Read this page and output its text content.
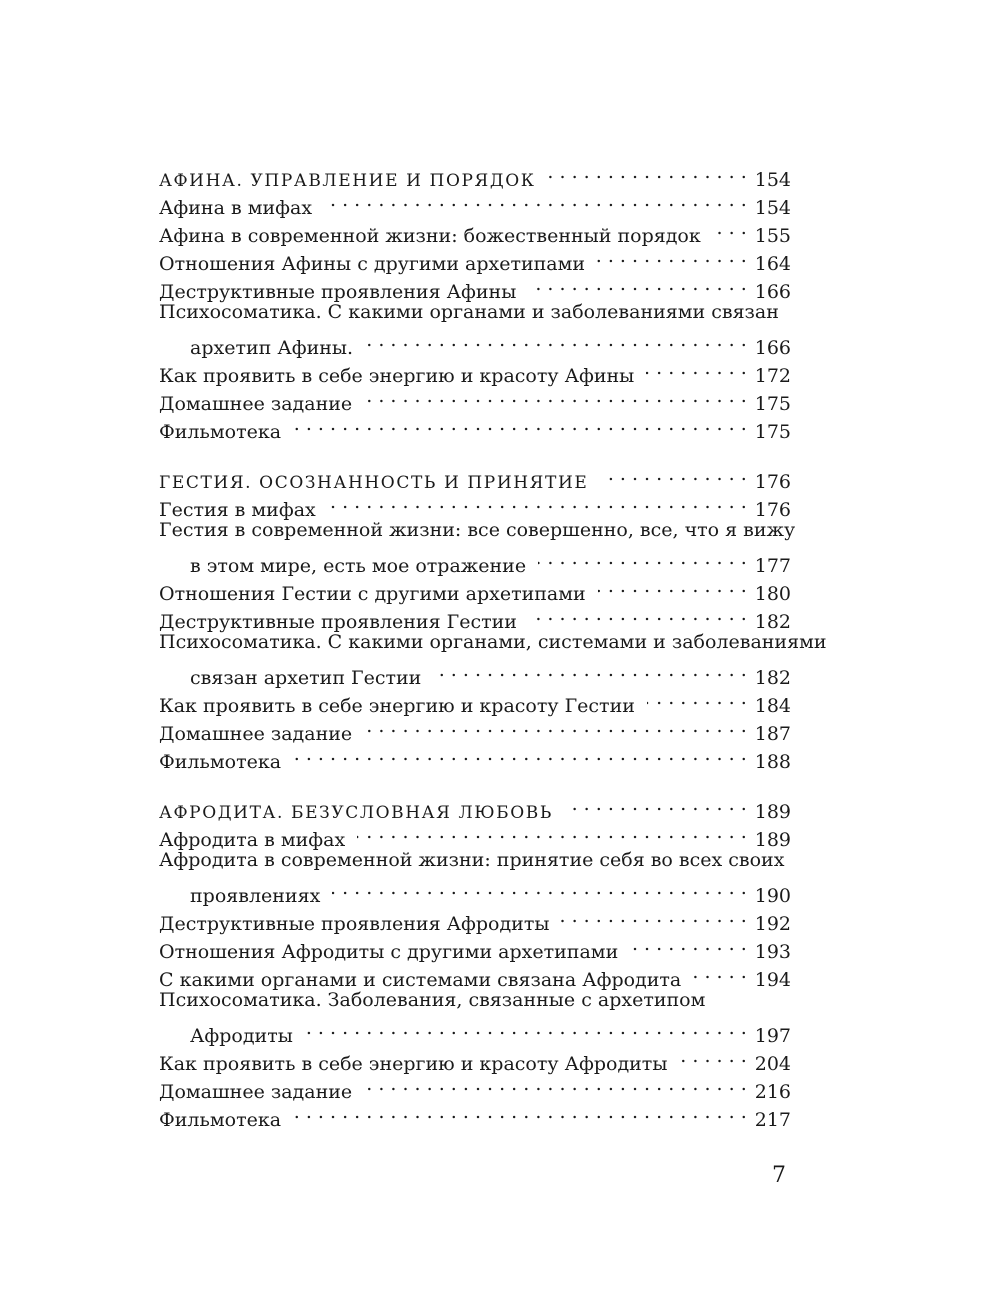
АФИНА. УПРАВЛЕНИЕ И ПОРЯДОК . . .	154
Афина в мифах . . .	154
Афина в современной жизни: божественный порядок . . .	155
Отношения Афины с другими архетипами . . .	164
Деструктивные проявления Афины . . .	166
Психосоматика. С какими органами и заболеваниями связан
архетип Афины. . . .	166
Как проявить в себе энергию и красоту Афины . . .	172
Домашнее задание . . .	175
Фильмотека . . .	175
ГЕСТИЯ. ОСОЗНАННОСТЬ И ПРИНЯТИЕ . . .	176
Гестия в мифах . . .	176
Гестия в современной жизни: все совершенно, все, что я вижу
в этом мире, есть мое отражение . . .	177
Отношения Гестии с другими архетипами . . .	180
Деструктивные проявления Гестии . . .	182
Психосоматика. С какими органами, системами и заболеваниями
связан архетип Гестии . . .	182
Как проявить в себе энергию и красоту Гестии . . .	184
Домашнее задание . . .	187
Фильмотека . . .	188
АФРОДИТА. БЕЗУСЛОВНАЯ ЛЮБОВЬ . . .	189
Афродита в мифах . . .	189
Афродита в современной жизни: принятие себя во всех своих
проявлениях . . .	190
Деструктивные проявления Афродиты . . .	192
Отношения Афродиты с другими архетипами . . .	193
С какими органами и системами связана Афродита . . .	194
Психосоматика. Заболевания, связанные с архетипом
Афродиты . . .	197
Как проявить в себе энергию и красоту Афродиты . . .	204
Домашнее задание . . .	216
Фильмотека . . .	217
7
